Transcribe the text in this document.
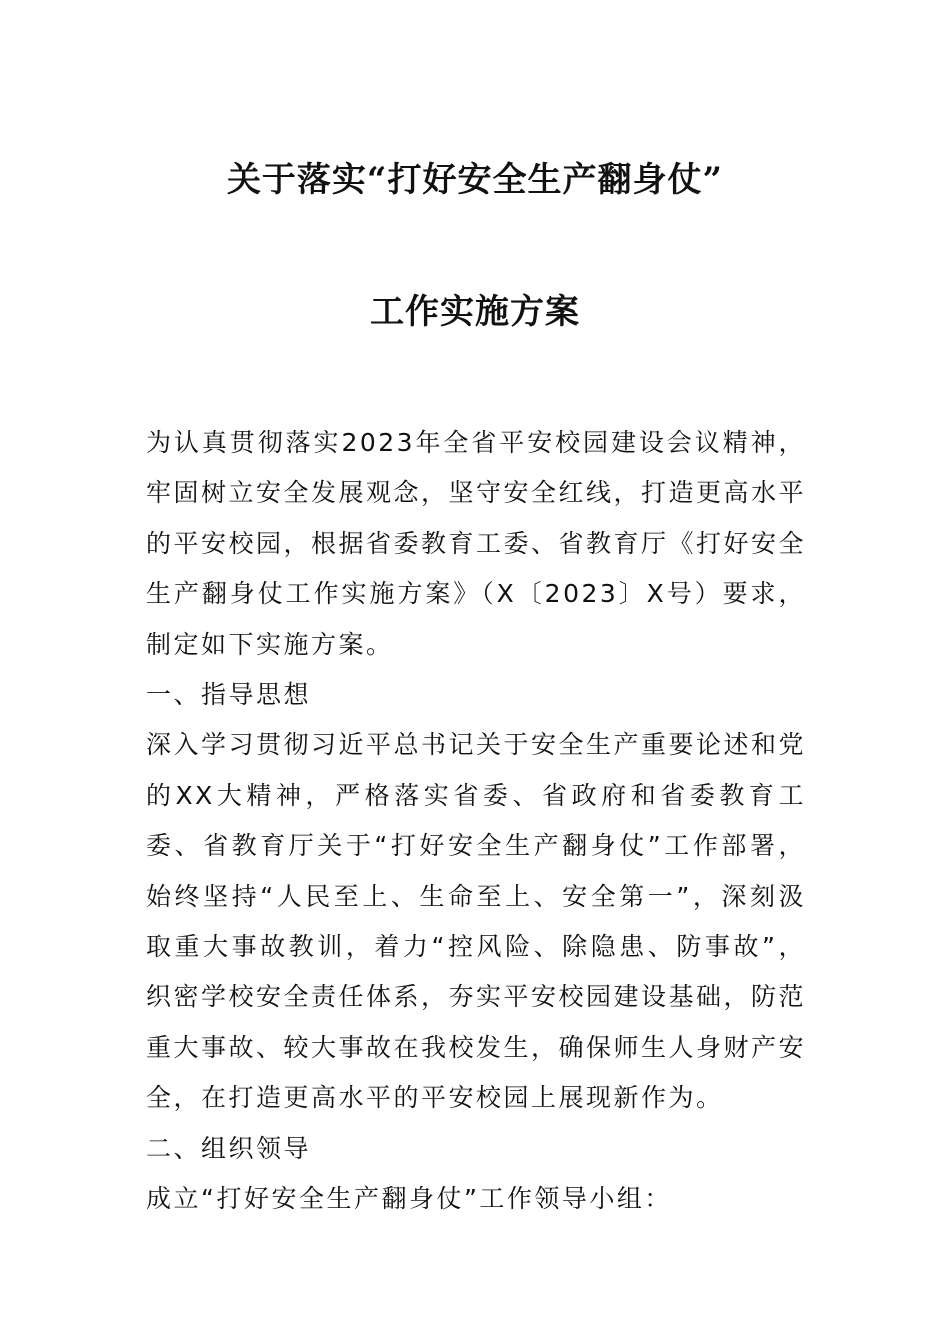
关于落实“打好安全生产翻身仗”
工作实施方案

为认真贯彻落实2023年全省平安校园建设会议精神，牢固树立安全发展观念，坚守安全红线，打造更高水平的平安校园，根据省委教育工委、省教育厅《打好安全生产翻身仗工作实施方案》（X〔2023〕X号）要求，制定如下实施方案。

一、指导思想

深入学习贯彻习近平总书记关于安全生产重要论述和党的XX大精神，严格落实省委、省政府和省委教育工委、省教育厅关于“打好安全生产翻身仗”工作部署，始终坚持“人民至上、生命至上、安全第一”，深刻汲取重大事故教训，着力“控风险、除隐患、防事故”，织密学校安全责任体系，夯实平安校园建设基础，防范重大事故、较大事故在我校发生，确保师生人身财产安全，在打造更高水平的平安校园上展现新作为。

二、组织领导

成立“打好安全生产翻身仗”工作领导小组：
